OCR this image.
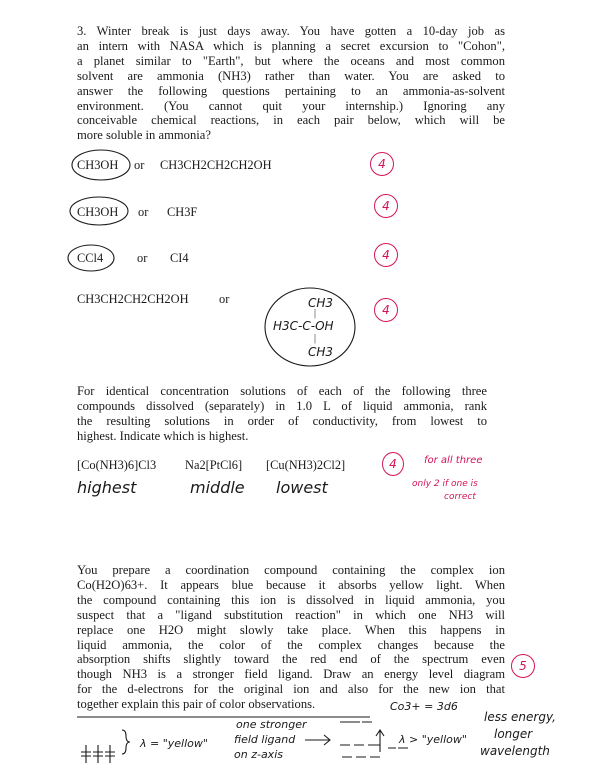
3. Winter break is just days away. You have gotten a 10-day job as
an intern with NASA which is planning a secret excursion to "Cohon",
a planet similar to "Earth", but where the oceans and most common
solvent are ammonia (NH3) rather than water. You are asked to
answer the following questions pertaining to an ammonia-as-solvent
environment. (You cannot quit your internship.) Ignoring any
conceivable chemical reactions, in each pair below, which will be
more soluble in ammonia?
CH3OH or CH3CH2CH2CH2OH
CH3OH or CH3F
CCl4	or CI4
CH3CH2CH2CH2OH or	CH3
|
H3C-C-OH
|
CH3
For identical concentration solutions of each of the following three
compounds dissolved (separately) in 1.0 L of liquid ammonia, rank
the resulting solutions in order of conductivity, from lowest to
highest. Indicate which is highest.
[Co(NH3)6]Cl3 Na2[PtCl6] [Cu(NH3)2Cl2]
highest	middle lowest
for all three
only 2 if one is
correct
You prepare a coordination compound containing the complex ion
Co(H2O)63+. It appears blue because it absorbs yellow light. When
the compound containing this ion is dissolved in liquid ammonia, you
suspect that a "ligand substitution reaction" in which one NH3 will
replace one H2O might slowly take place. When this happens in
liquid ammonia, the color of the complex changes because the
absorption shifts slightly toward the red end of the spectrum even
though NH3 is a stronger field ligand. Draw an energy level diagram
for the d-electrons for the original ion and also for the new ion that
together explain this pair of color observations.	Co3+ = 3d6
λ = "yellow"
one stronger
field ligand
on z-axis
λ > "yellow"
less energy,
longer
wavelength
4
4
4
4
4
5
